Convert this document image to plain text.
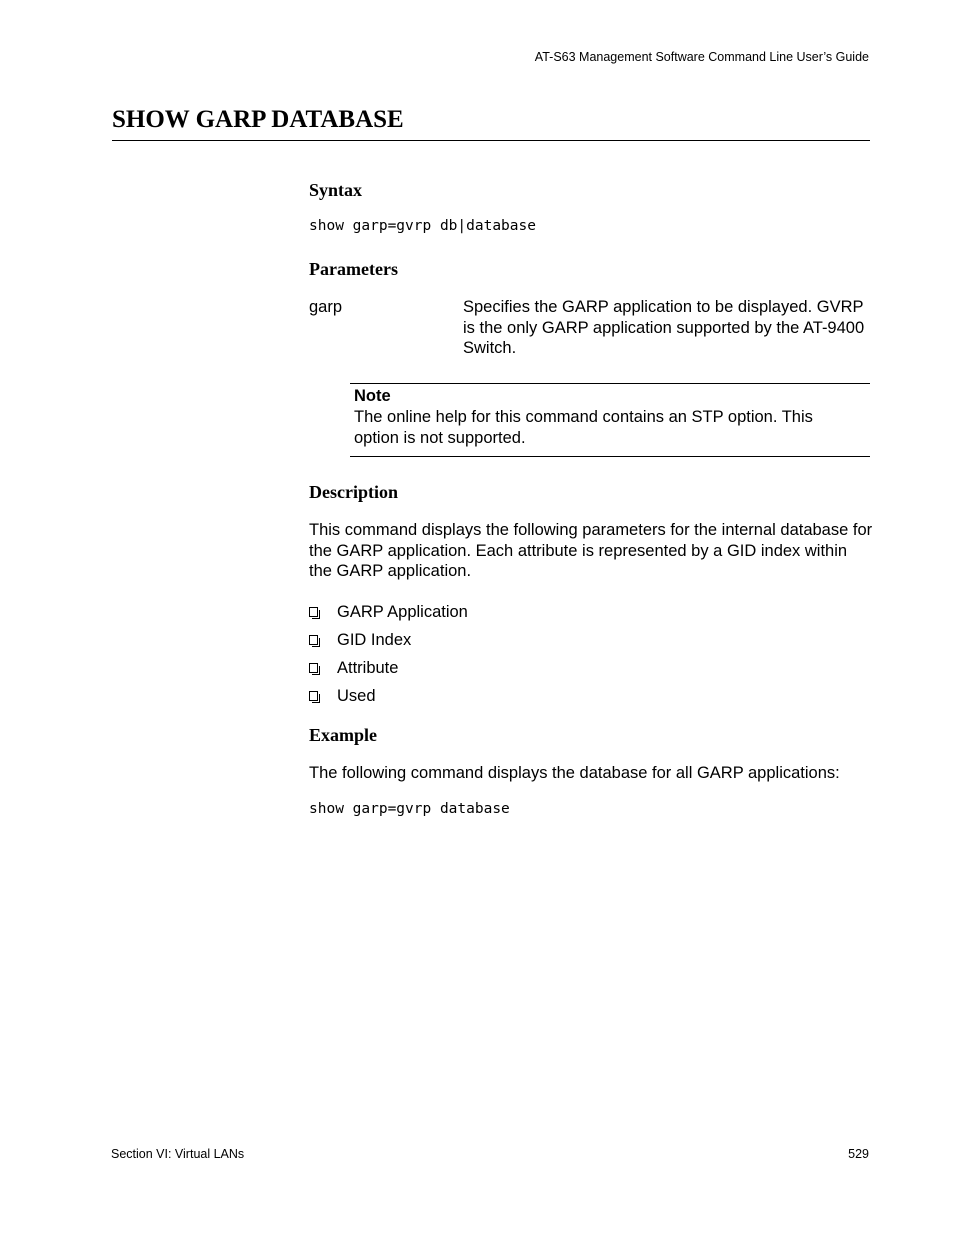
AT-S63 Management Software Command Line User’s Guide
SHOW GARP DATABASE
Syntax
show garp=gvrp db|database
Parameters
garp	Specifies the GARP application to be displayed. GVRP is the only GARP application supported by the AT-9400 Switch.
Note
The online help for this command contains an STP option. This option is not supported.
Description
This command displays the following parameters for the internal database for the GARP application. Each attribute is represented by a GID index within the GARP application.
GARP Application
GID Index
Attribute
Used
Example
The following command displays the database for all GARP applications:
show garp=gvrp database
Section VI: Virtual LANs	529
